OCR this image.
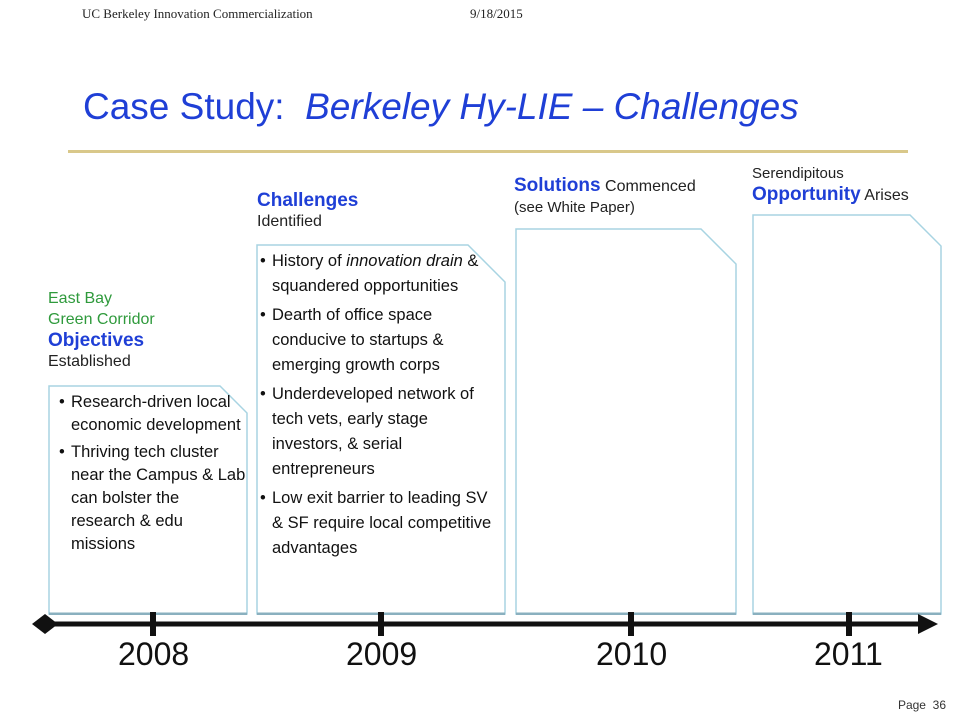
UC Berkeley Innovation Commercialization	9/18/2015
Case Study: Berkeley Hy-LIE – Challenges
East Bay
Green Corridor
Objectives
Established
• Research-driven local economic development
• Thriving tech cluster near the Campus & Lab can bolster the research & edu missions
Challenges
Identified
• History of innovation drain & squandered opportunities
• Dearth of office space conducive to startups & emerging growth corps
• Underdeveloped network of tech vets, early stage investors, & serial entrepreneurs
• Low exit barrier to leading SV & SF require local competitive advantages
Solutions Commenced
(see White Paper)
Serendipitous
Opportunity Arises
2008	2009	2010	2011
Page 36
